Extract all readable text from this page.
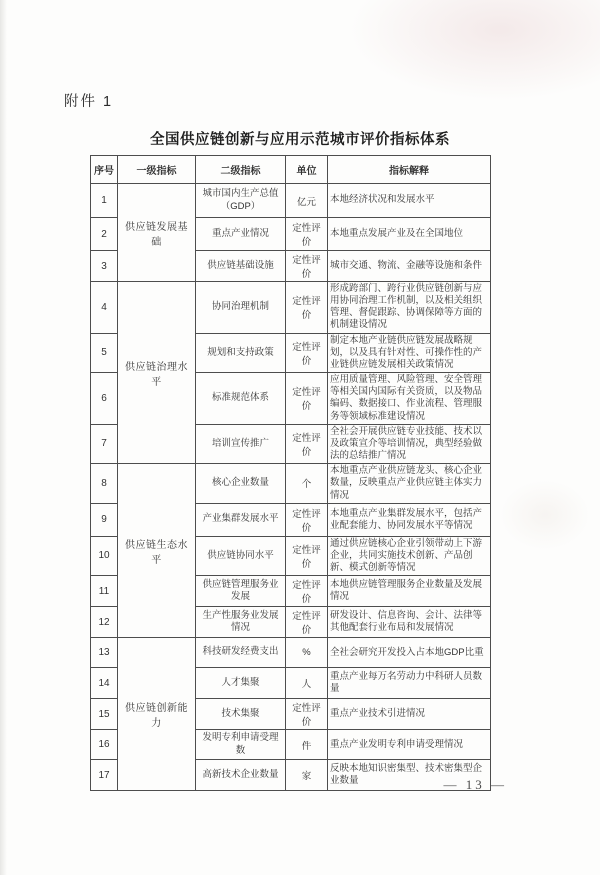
附件 1
全国供应链创新与应用示范城市评价指标体系
序号	一级指标	二级指标	单位	指标解释
1	供应链发展基础	城市国内生产总值（GDP）	亿元	本地经济状况和发展水平
2		重点产业情况	定性评价	本地重点发展产业及在全国地位
3		供应链基础设施	定性评价	城市交通、物流、金融等设施和条件
4	供应链治理水平	协同治理机制	定性评价	形成跨部门、跨行业供应链创新与应用协同治理工作机制，以及相关组织管理、督促跟踪、协调保障等方面的机制建设情况
5		规划和支持政策	定性评价	制定本地产业链供应链发展战略规划，以及具有针对性、可操作性的产业链供应链发展相关政策情况
6		标准规范体系	定性评价	应用质量管理、风险管理、安全管理等相关国内国际有关资质，以及物品编码、数据接口、作业流程、管理服务等领域标准建设情况
7		培训宣传推广	定性评价	全社会开展供应链专业技能、技术以及政策宣介等培训情况，典型经验做法的总结推广情况
8	供应链生态水平	核心企业数量	个	本地重点产业供应链龙头、核心企业数量，反映重点产业供应链主体实力情况
9		产业集群发展水平	定性评价	本地重点产业集群发展水平，包括产业配套能力、协同发展水平等情况
10		供应链协同水平	定性评价	通过供应链核心企业引领带动上下游企业，共同实施技术创新、产品创新、模式创新等情况
11		供应链管理服务业发展	定性评价	本地供应链管理服务企业数量及发展情况
12		生产性服务业发展情况	定性评价	研发设计、信息咨询、会计、法律等其他配套行业布局和发展情况
13	供应链创新能力	科技研发经费支出	%	全社会研究开发投入占本地GDP比重
14		人才集聚	人	重点产业每万名劳动力中科研人员数量
15		技术集聚	定性评价	重点产业技术引进情况
16		发明专利申请受理数	件	重点产业发明专利申请受理情况
17		高新技术企业数量	家	反映本地知识密集型、技术密集型企业数量	— 13 —
